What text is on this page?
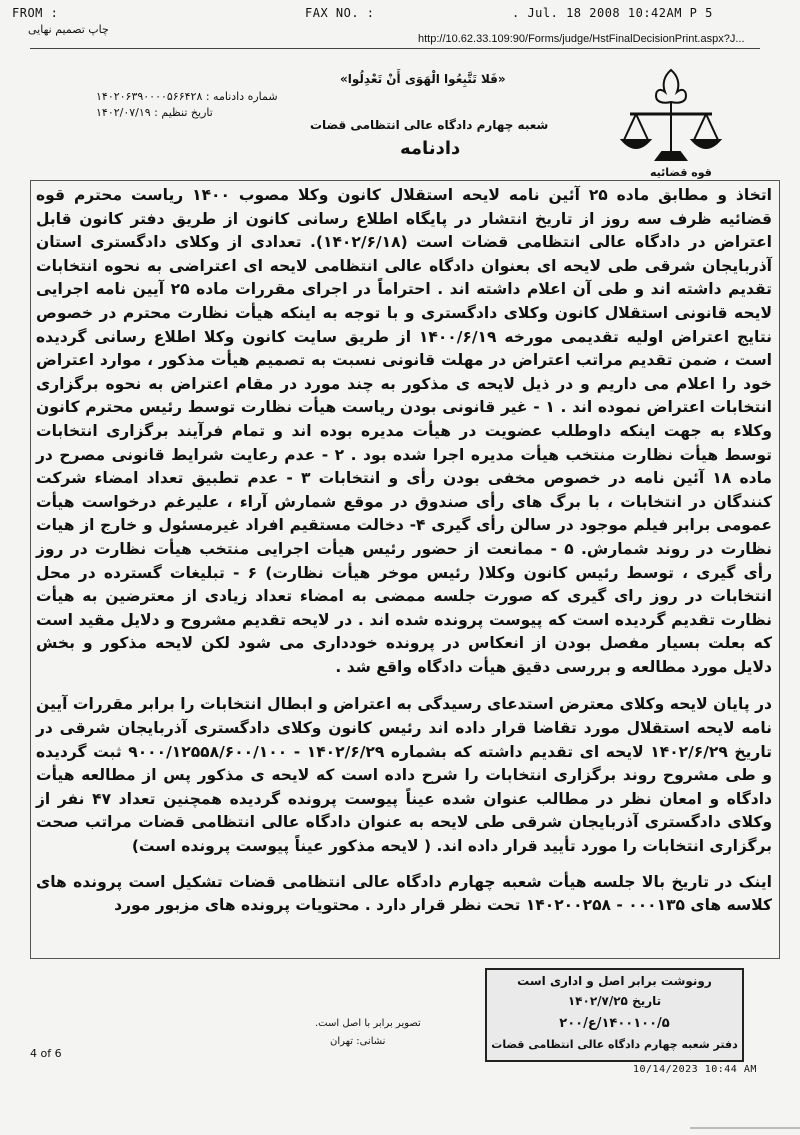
FROM :	FAX NO. :	. Jul. 18 2008 10:42AM P 5
چاپ تصمیم نهایی
http://10.62.33.109:90/Forms/judge/HstFinalDecisionPrint.aspx?J...
قوه قضائیه
«فَلا تَتَّبِعُوا الْهَوَى أَنْ تَعْدِلُوا»
شعبه چهارم دادگاه عالی انتظامی قضات
دادنامه
شماره دادنامه : ۱۴۰۲۰۶۳۹۰۰۰۰۵۶۶۴۲۸
تاریخ تنظیم : ۱۴۰۲/۰۷/۱۹

اتخاذ و مطابق ماده ۲۵ آئین نامه لایحه استقلال کانون وکلا مصوب ۱۴۰۰ ریاست محترم قوه قضائیه ظرف سه روز از تاریخ انتشار در پایگاه اطلاع رسانی کانون از طریق دفتر کانون قابل اعتراض در دادگاه عالی انتظامی قضات است (۱۴۰۲/۶/۱۸). تعدادی از وکلای دادگستری استان آذربایجان شرقی طی لایحه ای بعنوان دادگاه عالی انتظامی لایحه ای اعتراضی به نحوه انتخابات تقدیم داشته اند و طی آن اعلام داشته اند . احتراماً در اجرای مقررات ماده ۲۵ آیین نامه اجرایی لایحه قانونی استقلال کانون وکلای دادگستری و با توجه به اینکه هیأت نظارت محترم در خصوص نتایج اعتراض اولیه تقدیمی مورخه ۱۴۰۰/۶/۱۹ از طریق سایت کانون وکلا اطلاع رسانی گردیده است ، ضمن تقدیم مراتب اعتراض در مهلت قانونی نسبت به تصمیم هیأت مذکور ، موارد اعتراض خود را اعلام می داریم و در ذیل لایحه ی مذکور به چند مورد در مقام اعتراض به نحوه برگزاری انتخابات اعتراض نموده اند . ۱ - غیر قانونی بودن ریاست هیأت نظارت توسط رئیس محترم کانون وکلاء به جهت اینکه داوطلب عضویت در هیأت مدیره بوده اند و تمام فرآیند برگزاری انتخابات توسط هیأت نظارت منتخب هیأت مدیره اجرا شده بود . ۲ - عدم رعایت شرایط قانونی مصرح در ماده ۱۸ آئین نامه در خصوص مخفی بودن رأی و انتخابات ۳ - عدم تطبیق تعداد امضاء شرکت کنندگان در انتخابات ، با برگ های رأی صندوق در موقع شمارش آراء ، علیرغم درخواست هیأت عمومی برابر فیلم موجود در سالن رأی گیری ۴- دخالت مستقیم افراد غیرمسئول و خارج از هیات نظارت در روند شمارش. ۵ - ممانعت از حضور رئیس هیأت اجرایی منتخب هیأت نظارت در روز رأی گیری ، توسط رئیس کانون وکلا( رئیس موخر هیأت نظارت) ۶ - تبلیغات گسترده در محل انتخابات در روز رای گیری که صورت جلسه ممضی به امضاء تعداد زیادی از معترضین به هیأت نظارت تقدیم گردیده است که پیوست پرونده شده اند . در لایحه تقدیم مشروح و دلایل مقید است که بعلت بسیار مفصل بودن از انعکاس در پرونده خودداری می شود لکن لایحه مذکور و بخش دلایل مورد مطالعه و بررسی دقیق هیأت دادگاه واقع شد .

در پایان لایحه وکلای معترض استدعای رسیدگی به اعتراض و ابطال انتخابات را برابر مقررات آیین نامه لایحه استقلال مورد تقاضا قرار داده اند رئیس کانون وکلای دادگستری آذربایجان شرقی در تاریخ ۱۴۰۲/۶/۲۹ لایحه ای تقدیم داشته که بشماره ۱۴۰۲/۶/۲۹ - ۹۰۰۰/۱۲۵۵۸/۶۰۰/۱۰۰ ثبت گردیده و طی مشروح روند برگزاری انتخابات را شرح داده است که لایحه ی مذکور پس از مطالعه هیأت دادگاه و امعان نظر در مطالب عنوان شده عیناً پیوست پرونده گردیده همچنین تعداد ۴۷ نفر از وکلای دادگستری آذربایجان شرقی طی لایحه به عنوان دادگاه عالی انتظامی قضات مراتب صحت برگزاری انتخابات را مورد تأیید قرار داده اند. ( لایحه مذکور عیناً پیوست پرونده است)

اینک در تاریخ بالا جلسه هیأت شعبه چهارم دادگاه عالی انتظامی قضات تشکیل است پرونده های کلاسه های ۰۰۰۱۳۵ - ۱۴۰۲۰۰۲۵۸ تحت نظر قرار دارد . محتویات پرونده های مزبور مورد

رونوشت برابر اصل و اداری است
تاریخ ۱۴۰۲/۷/۲۵
۱۴۰۰۱۰۰/۵/ع/۲۰۰
دفتر شعبه چهارم دادگاه عالی انتظامی قضات
تصویر برابر با اصل است.
نشانی: تهران
4 of 6
10/14/2023 10:44 AM
